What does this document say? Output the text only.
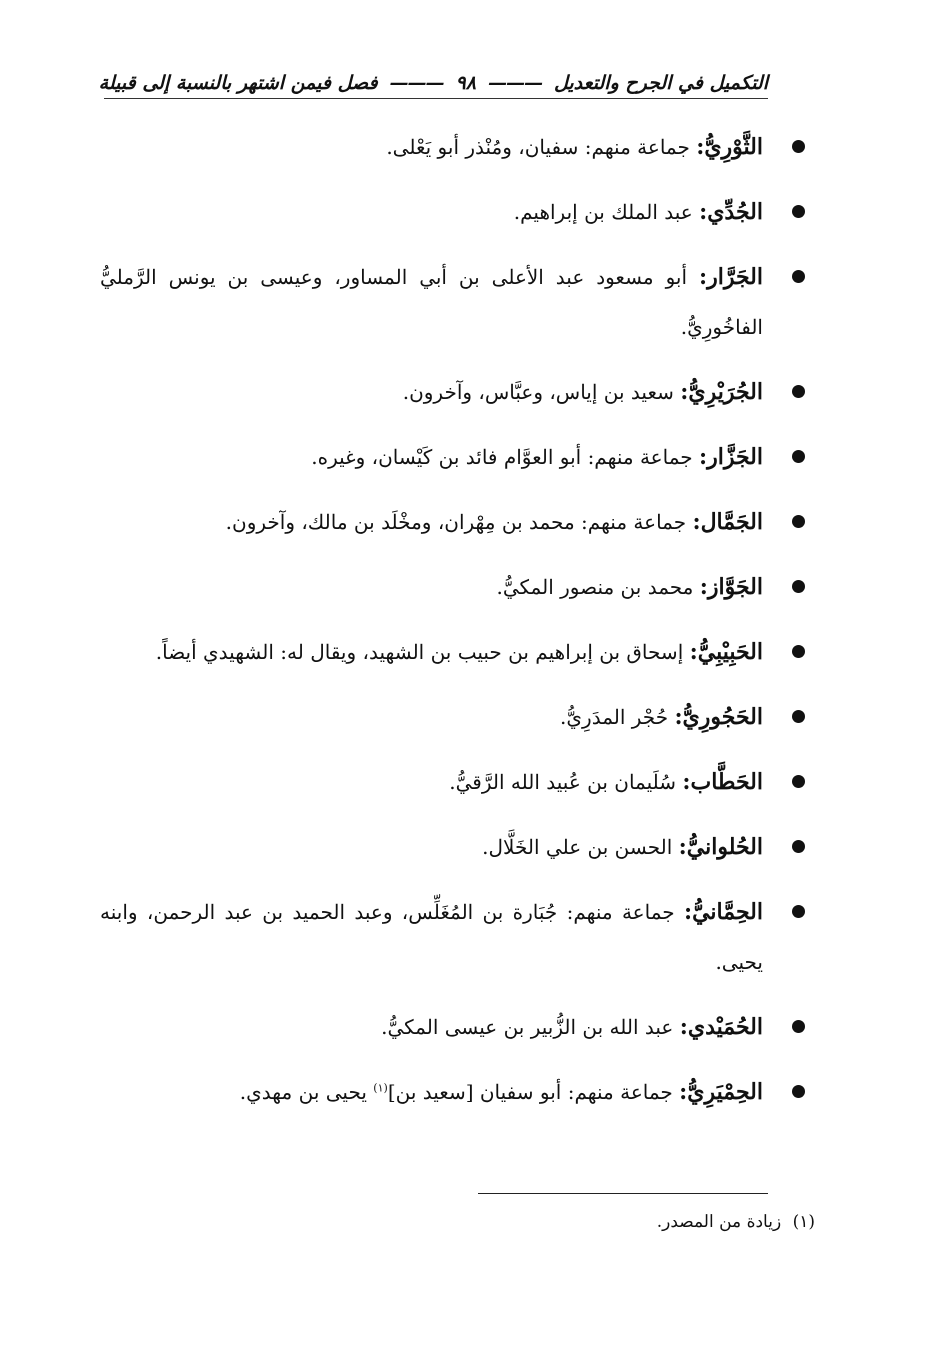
التكميل في الجرح والتعديل
———
٩٨
———
فصل فيمن اشتهر بالنسبة إلى قبيلة
الثَّوْرِيُّ: جماعة منهم: سفيان، ومُنْذر أبو يَعْلى.
الجُدِّي: عبد الملك بن إبراهيم.
الجَرَّار: أبو مسعود عبد الأعلى بن أبي المساور، وعيسى بن يونس الرَّمليُّ الفاخُورِيُّ.
الجُرَيْرِيُّ: سعيد بن إياس، وعبَّاس، وآخرون.
الجَزَّار: جماعة منهم: أبو العوَّام فائد بن كَيْسان، وغيره.
الجَمَّال: جماعة منهم: محمد بن مِهْران، ومخْلَد بن مالك، وآخرون.
الجَوَّاز: محمد بن منصور المكيُّ.
الحَبِيْبِيُّ: إسحاق بن إبراهيم بن حبيب بن الشهيد، ويقال له: الشهيدي أيضاً.
الحَجُورِيُّ: حُجْر المدَرِيُّ.
الحَطَّاب: سُلَيمان بن عُبيد الله الرَّقيُّ.
الحُلوانيُّ: الحسن بن علي الخَلَّال.
الحِمَّانيُّ: جماعة منهم: جُبَارة بن المُغَلِّس، وعبد الحميد بن عبد الرحمن، وابنه يحيى.
الحُمَيْدي: عبد الله بن الزُّبير بن عيسى المكيُّ.
الحِمْيَرِيُّ: جماعة منهم: أبو سفيان [سعيد بن]$^{(١)}$ يحيى بن مهدي.
(١) زيادة من المصدر.
